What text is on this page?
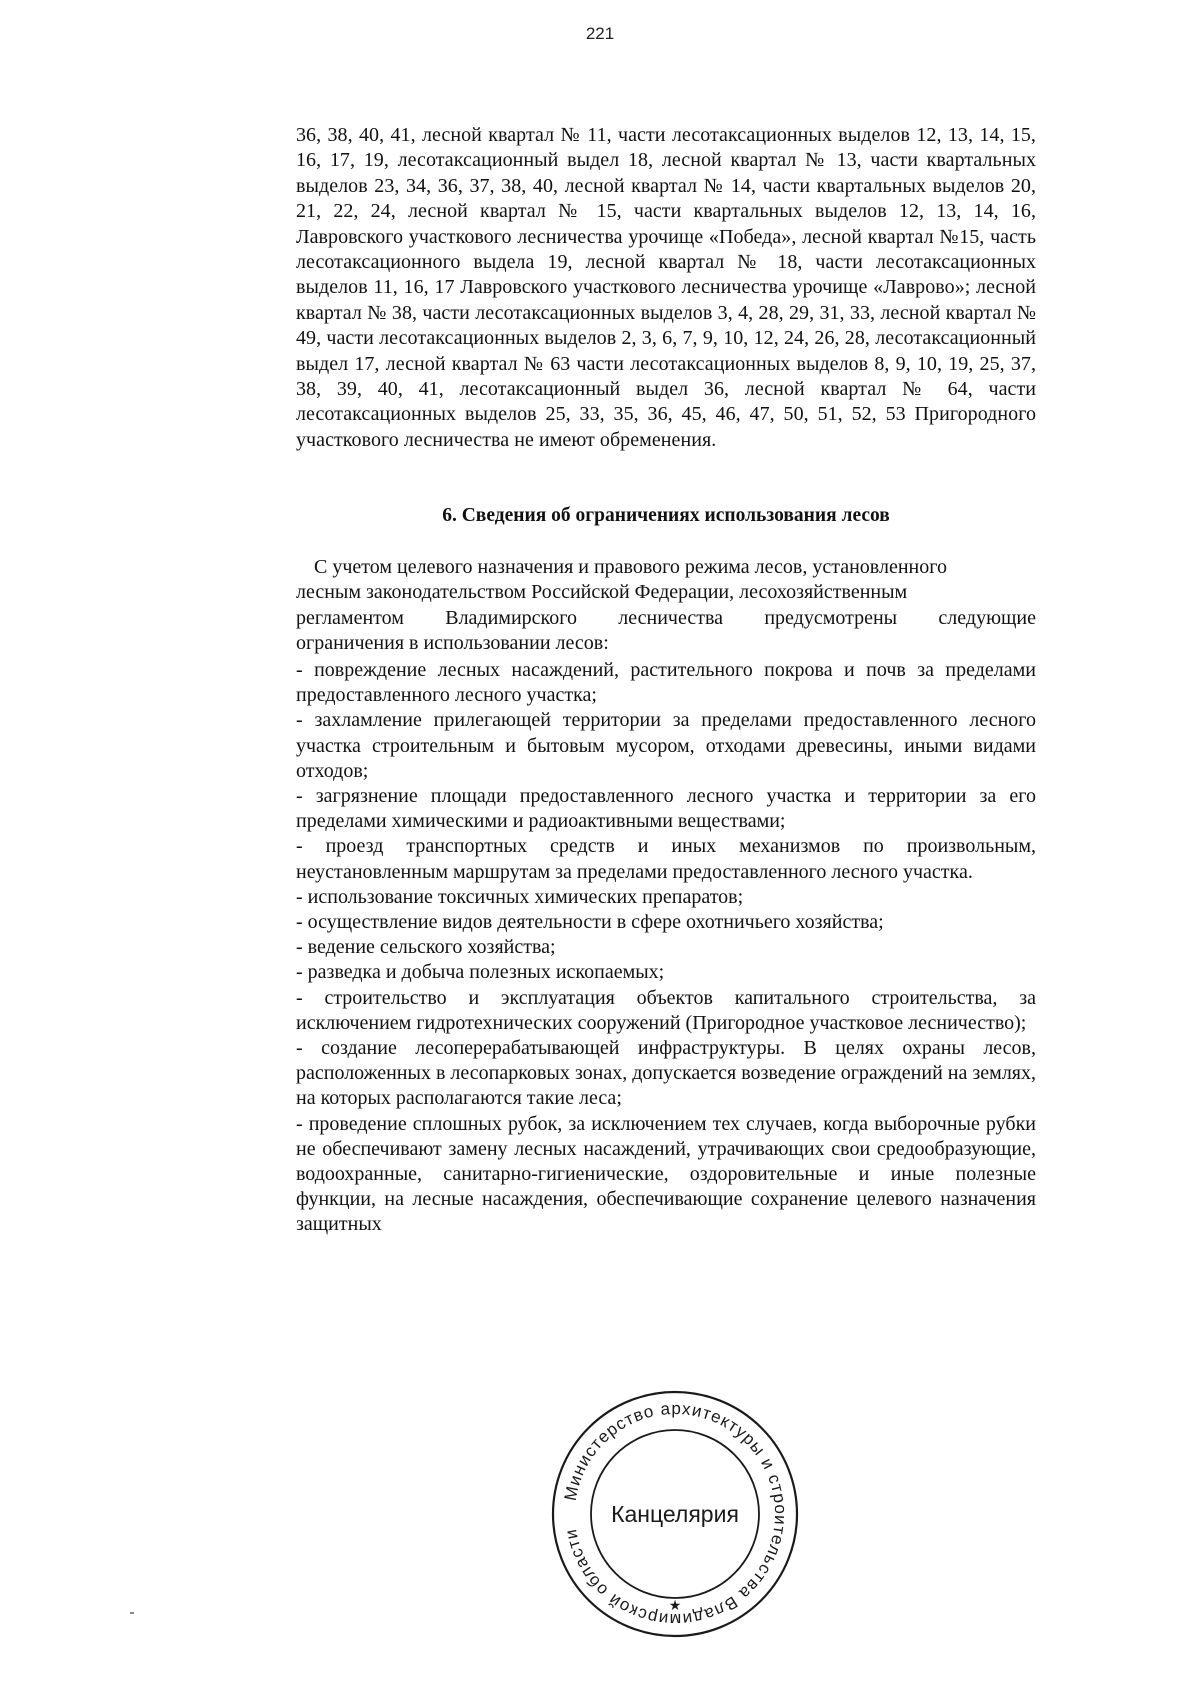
221

36, 38, 40, 41, лесной квартал № 11, части лесотаксационных выделов 12, 13, 14, 15, 16, 17, 19, лесотаксационный выдел 18, лесной квартал № 13, части квартальных выделов 23, 34, 36, 37, 38, 40, лесной квартал № 14, части квартальных выделов 20, 21, 22, 24, лесной квартал № 15, части квартальных выделов 12, 13, 14, 16, Лавровского участкового лесничества урочище «Победа», лесной квартал №15, часть лесотаксационного выдела 19, лесной квартал № 18, части лесотаксационных выделов 11, 16, 17 Лавровского участкового лесничества урочище «Лаврово»; лесной квартал № 38, части лесотаксационных выделов 3, 4, 28, 29, 31, 33, лесной квартал № 49, части лесотаксационных выделов 2, 3, 6, 7, 9, 10, 12, 24, 26, 28, лесотаксационный выдел 17, лесной квартал № 63 части лесотаксационных выделов 8, 9, 10, 19, 25, 37, 38, 39, 40, 41, лесотаксационный выдел 36, лесной квартал № 64, части лесотаксационных выделов 25, 33, 35, 36, 45, 46, 47, 50, 51, 52, 53 Пригородного участкового лесничества не имеют обременения.

6. Сведения об ограничениях использования лесов
С учетом целевого назначения и правового режима лесов, установленного
лесным законодательством Российской Федерации, лесохозяйственным
регламентом Владимирского лесничества предусмотрены следующие
ограничения в использовании лесов:

- повреждение лесных насаждений, растительного покрова и почв за пределами предоставленного лесного участка;

- захламление прилегающей территории за пределами предоставленного лесного участка строительным и бытовым мусором, отходами древесины, иными видами отходов;

- загрязнение площади предоставленного лесного участка и территории за его пределами химическими и радиоактивными веществами;

- проезд транспортных средств и иных механизмов по произвольным, неустановленным маршрутам за пределами предоставленного лесного участка.

- использование токсичных химических препаратов;

- осуществление видов деятельности в сфере охотничьего хозяйства;

- ведение сельского хозяйства;

- разведка и добыча полезных ископаемых;

- строительство и эксплуатация объектов капитального строительства, за исключением гидротехнических сооружений (Пригородное участковое лесничество);

- создание лесоперерабатывающей инфраструктуры. В целях охраны лесов, расположенных в лесопарковых зонах, допускается возведение ограждений на землях, на которых располагаются такие леса;

- проведение сплошных рубок, за исключением тех случаев, когда выборочные рубки не обеспечивают замену лесных насаждений, утрачивающих свои средообразующие, водоохранные, санитарно-гигиенические, оздоровительные и иные полезные функции, на лесные насаждения, обеспечивающие сохранение целевого назначения защитных

Министерство архитектуры и строительства Владимирской области
★
Канцелярия
